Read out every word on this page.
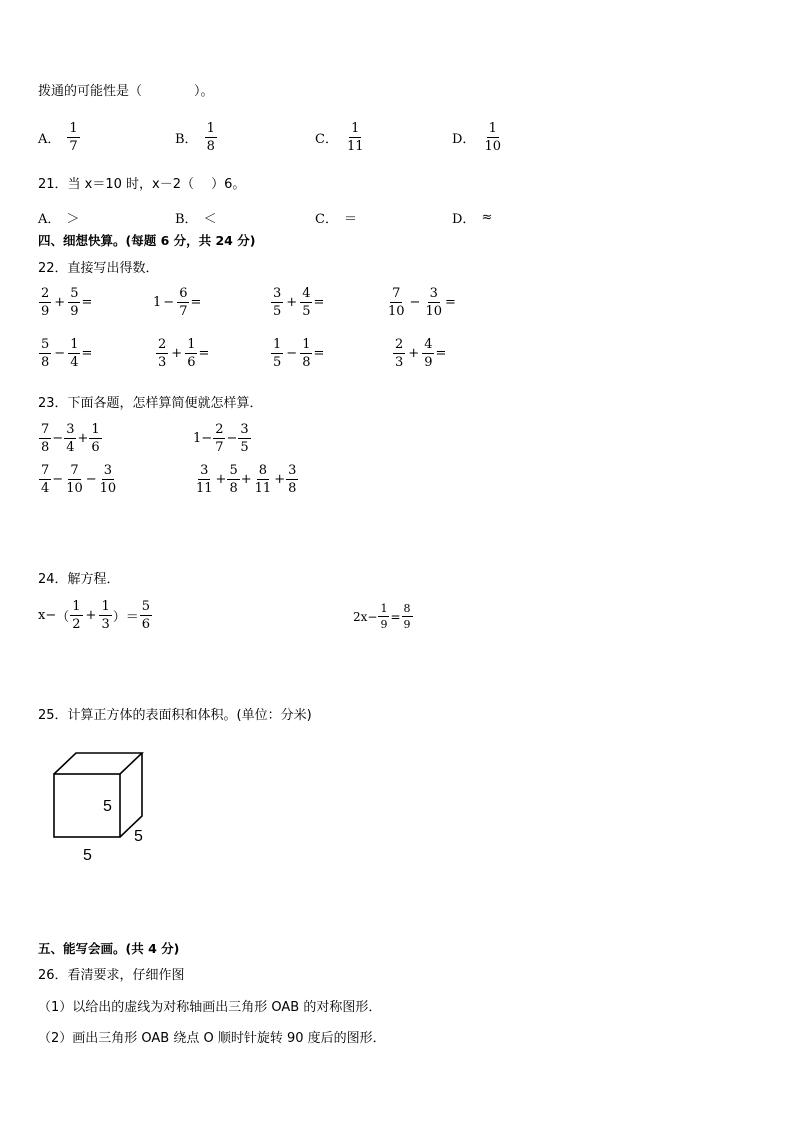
拨通的可能性是（　　　　）。
A． $\frac{1}{7}$	B． $\frac{1}{8}$	C． $\frac{1}{11}$	D． $\frac{1}{10}$
21．当 x＝10 时，x－2（　 ）6。
A． ＞	B． ＜	C． ＝	D． ≈
四、细想快算。(每题 6 分，共 24 分)
22．直接写出得数．
$\frac{2}{9} + \frac{5}{9}$ =	$1 - \frac{6}{7}$ =	$\frac{3}{5} + \frac{4}{5}$ =	$\frac{7}{10} - \frac{3}{10}$ =
$\frac{5}{8} - \frac{1}{4}$ =	$\frac{2}{3} + \frac{1}{6}$ =	$\frac{1}{5} - \frac{1}{8}$ =	$\frac{2}{3} + \frac{4}{9}$ =
23．下面各题，怎样算简便就怎样算．
$\frac{7}{8} - \frac{3}{4} + \frac{1}{6}$	$1 - \frac{2}{7} - \frac{3}{5}$
$\frac{7}{4} - \frac{7}{10} - \frac{3}{10}$	$\frac{3}{11} + \frac{5}{8} + \frac{8}{11} + \frac{3}{8}$
24．解方程．
x − （ $\frac{1}{2} + \frac{1}{3}$ ） ＝ $\frac{5}{6}$	$2x- \frac{1}{9} = \frac{8}{9}$
25．计算正方体的表面积和体积。(单位：分米)
5
5
5
五、能写会画。(共 4 分)
26．看清要求，仔细作图
（1）以给出的虚线为对称轴画出三角形 OAB 的对称图形．
（2）画出三角形 OAB 绕点 O 顺时针旋转 90 度后的图形．
